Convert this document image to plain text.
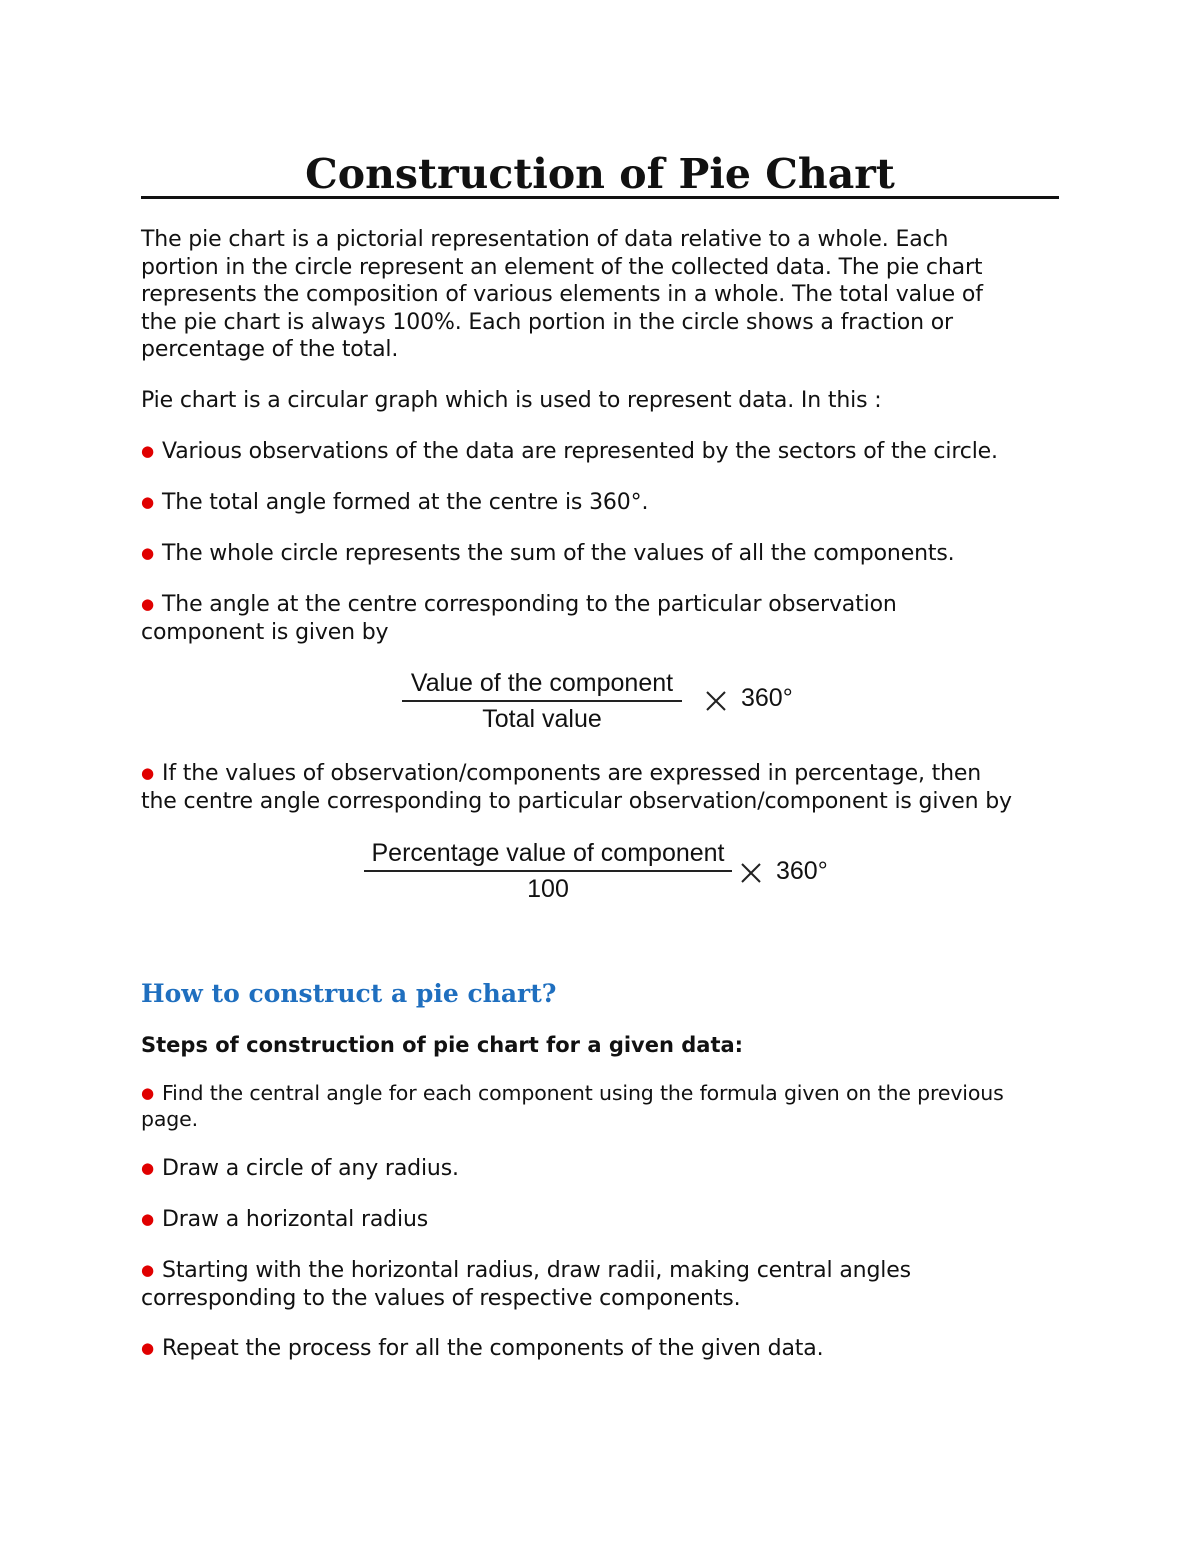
Construction of Pie Chart
The pie chart is a pictorial representation of data relative to a whole. Each
portion in the circle represent an element of the collected data. The pie chart
represents the composition of various elements in a whole. The total value of
the pie chart is always 100%. Each portion in the circle shows a fraction or
percentage of the total.
Pie chart is a circular graph which is used to represent data. In this :
● Various observations of the data are represented by the sectors of the circle.
● The total angle formed at the centre is 360°.
● The whole circle represents the sum of the values of all the components.
● The angle at the centre corresponding to the particular observation
component is given by
Value of the component
Total value
360°
● If the values of observation/components are expressed in percentage, then
the centre angle corresponding to particular observation/component is given by
Percentage value of component
100
360°
How to construct a pie chart?
Steps of construction of pie chart for a given data:
● Find the central angle for each component using the formula given on the previous
page.
● Draw a circle of any radius.
● Draw a horizontal radius
● Starting with the horizontal radius, draw radii, making central angles
corresponding to the values of respective components.
● Repeat the process for all the components of the given data.
